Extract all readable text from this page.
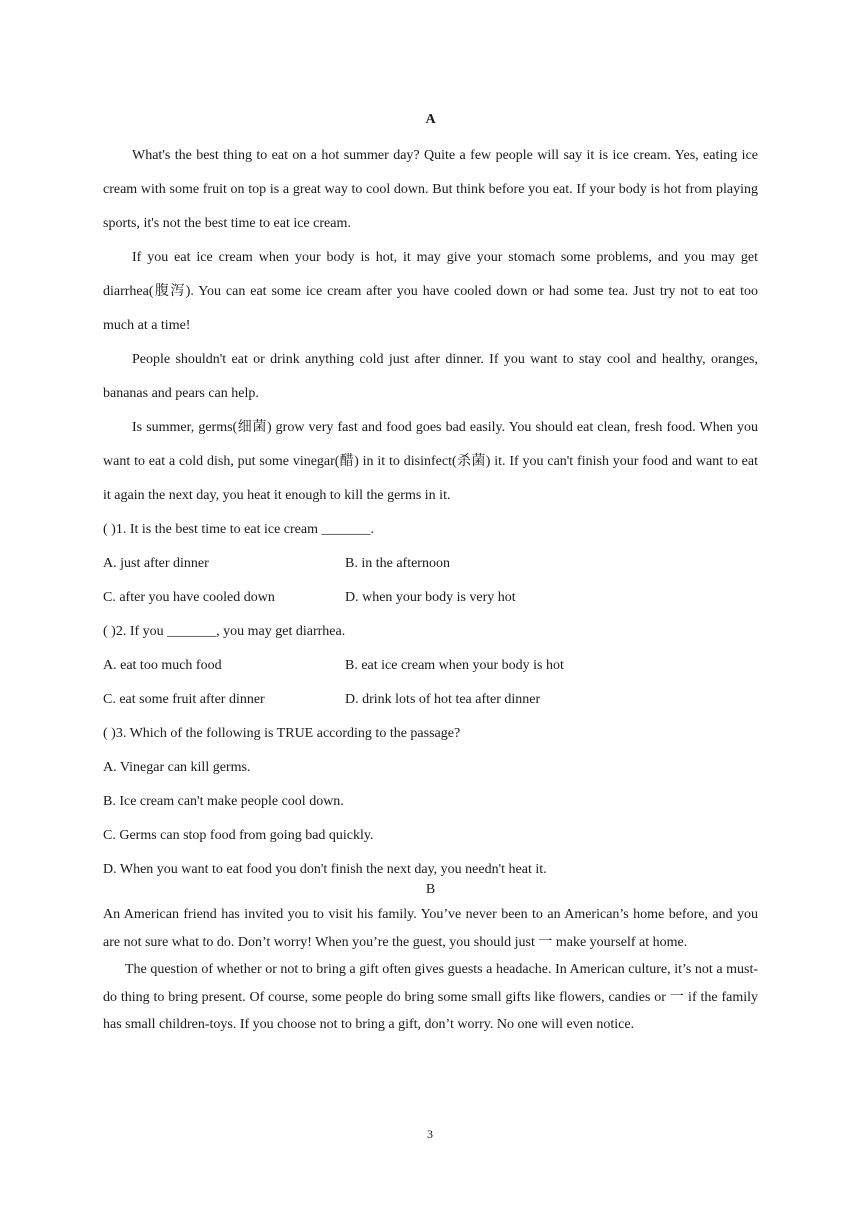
A

What's the best thing to eat on a hot summer day? Quite a few people will say it is ice cream. Yes, eating ice cream with some fruit on top is a great way to cool down. But think before you eat. If your body is hot from playing sports, it's not the best time to eat ice cream.

If you eat ice cream when your body is hot, it may give your stomach some problems, and you may get diarrhea(腹泻). You can eat some ice cream after you have cooled down or had some tea. Just try not to eat too much at a time!

People shouldn't eat or drink anything cold just after dinner. If you want to stay cool and healthy, oranges, bananas and pears can help.

Is summer, germs(细菌) grow very fast and food goes bad easily. You should eat clean, fresh food. When you want to eat a cold dish, put some vinegar(醋) in it to disinfect(杀菌) it. If you can't finish your food and want to eat it again the next day, you heat it enough to kill the germs in it.

( )1. It is the best time to eat ice cream _______.

A. just after dinner	B. in the afternoon
C. after you have cooled down	D. when your body is very hot

( )2. If you _______, you may get diarrhea.

A. eat too much food	B. eat ice cream when your body is hot
C. eat some fruit after dinner	D. drink lots of hot tea after dinner

( )3. Which of the following is TRUE according to the passage?

A. Vinegar can kill germs.

B. Ice cream can't make people cool down.

C. Germs can stop food from going bad quickly.

D. When you want to eat food you don't finish the next day, you needn't heat it.

B

An American friend has invited you to visit his family. You’ve never been to an American’s home before, and you are not sure what to do. Don’t worry! When you’re the guest, you should just 一 make yourself at home.

The question of whether or not to bring a gift often gives guests a headache. In American culture, it’s not a must-do thing to bring present. Of course, some people do bring some small gifts like flowers, candies or 一 if the family has small children-toys. If you choose not to bring a gift, don’t worry. No one will even notice.

3
